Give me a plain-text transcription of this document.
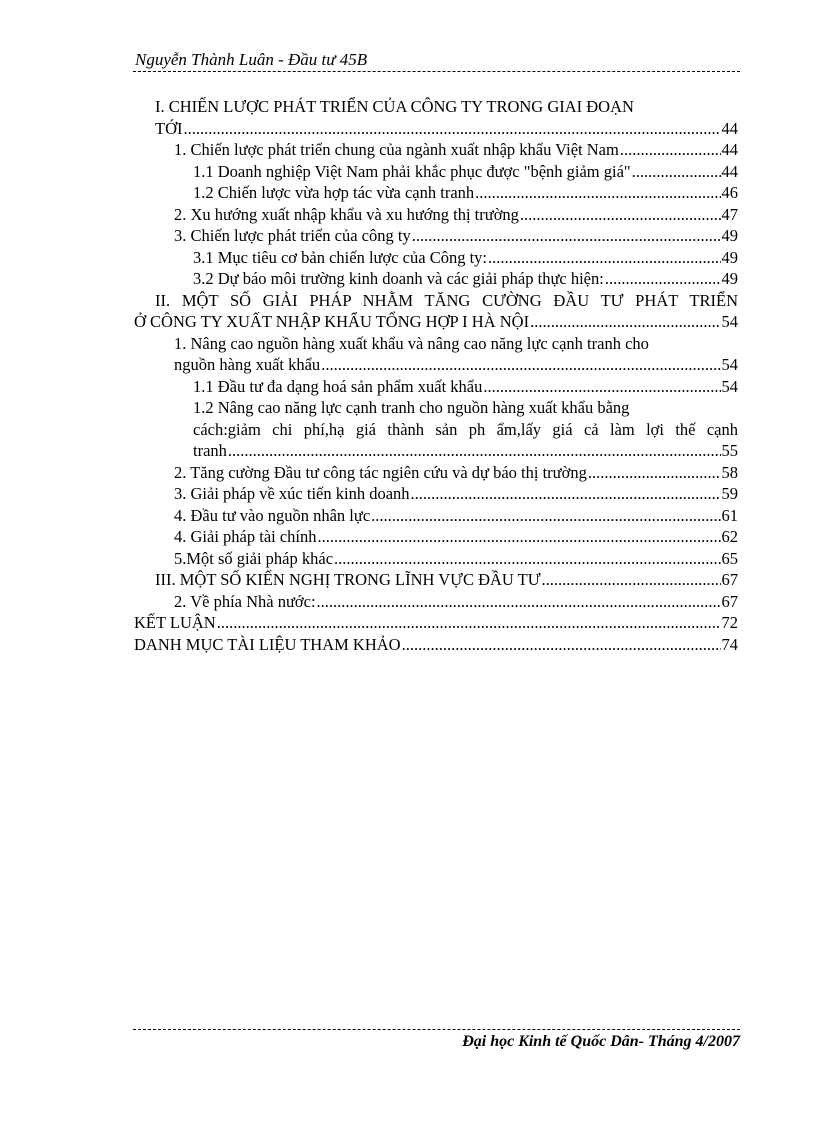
Nguyễn Thành Luân - Đầu tư 45B
I. CHIẾN LƯỢC PHÁT TRIỂN CỦA CÔNG TY TRONG GIAI ĐOẠN
TỚI .....	44
1. Chiến lược phát triển chung của ngành xuất nhập khẩu Việt Nam .....	44
1.1 Doanh nghiệp Việt Nam phải khắc phục được "bệnh giảm giá" .....	44
1.2 Chiến lược vừa hợp tác vừa cạnh tranh .....	46
2. Xu hướng xuất nhập khẩu và xu hướng thị trường .....	47
3. Chiến lược phát triển của công ty .....	49
3.1 Mục tiêu cơ bản chiến lược của Công ty: .....	49
3.2 Dự báo môi trường kinh doanh và các giải pháp thực hiện: .....	49
II. MỘT SỐ GIẢI PHÁP NHẰM TĂNG CƯỜNG ĐẦU TƯ PHÁT TRIỂN
Ở CÔNG TY XUẤT NHẬP KHẨU TỔNG HỢP I HÀ NỘI .....	54
1. Nâng cao nguồn hàng xuất khẩu và nâng cao năng lực cạnh tranh cho
nguồn hàng xuất khẩu .....	54
1.1 Đầu tư đa dạng hoá sản phẩm xuất khẩu .....	54
1.2 Nâng cao năng lực cạnh tranh cho nguồn hàng xuất khẩu bằng
cách:giảm chi phí,hạ giá thành sản ph ẩm,lấy giá cả làm lợi thế cạnh
tranh .....	55
2. Tăng cường Đầu tư công tác ngiên cứu và dự báo thị trường .....	58
3. Giải pháp về xúc tiến kinh doanh .....	59
4. Đầu tư vào nguồn nhân lực .....	61
4. Giải pháp tài chính .....	62
5.Một số giải pháp khác .....	65
III. MỘT SỐ KIẾN NGHỊ TRONG LĨNH VỰC ĐẦU TƯ .....	67
2. Về phía Nhà nước: .....	67
KẾT LUẬN .....	72
DANH MỤC TÀI LIỆU THAM KHẢO .....	74
Đại học Kinh tế Quốc Dân- Tháng 4/2007
